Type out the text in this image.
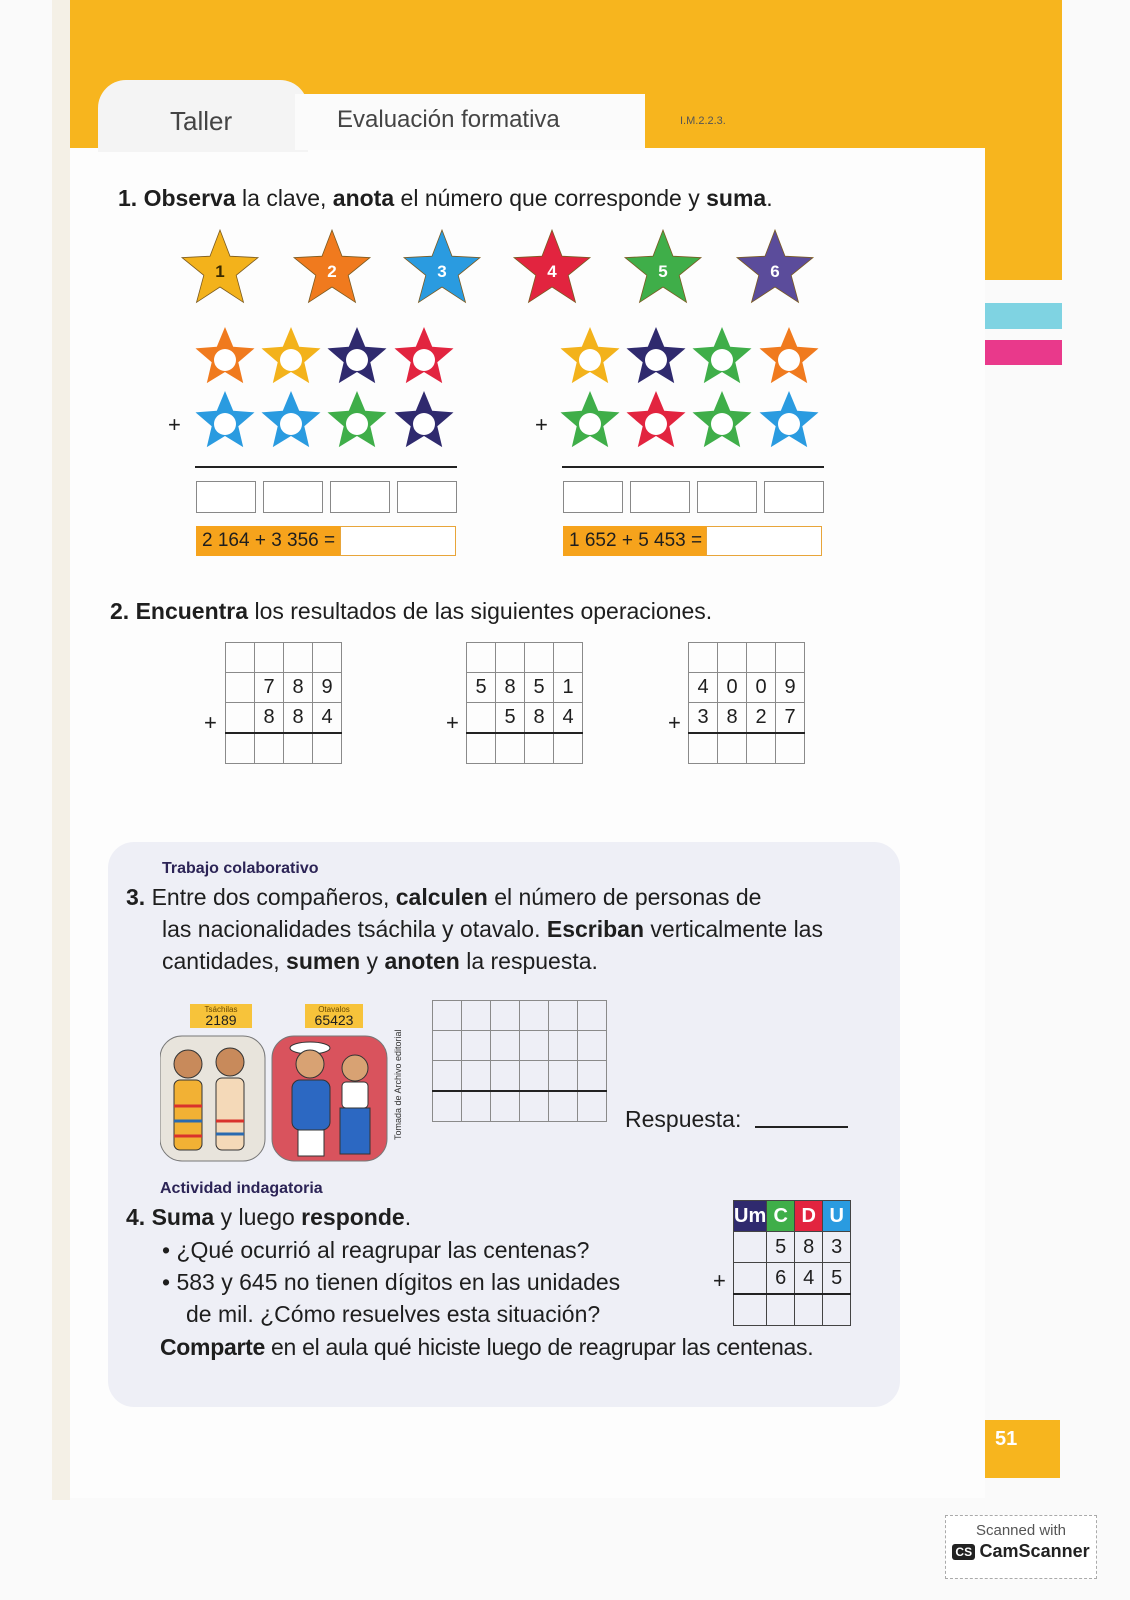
Taller	Evaluación formativa	I.M.2.2.3.
1. Observa la clave, anota el número que corresponde y suma.
1	2	3	4	5	6
+	+
2 164 + 3 356 =	1 652 + 5 453 =
2. Encuentra los resultados de las siguientes operaciones.

	7	8	9
	8	8	4

+

5	8	5	1
	5	8	4

+

4	0	0	9
3	8	2	7

+
Trabajo colaborativo
3. Entre dos compañeros, calculen el número de personas de
las nacionalidades tsáchila y otavalo. Escriban verticalmente las
cantidades, sumen y anoten la respuesta.
Tsáchilas
2189
Otavalos
65423
Tomada de Archivo editorial

						Respuesta:
Actividad indagatoria
4. Suma y luego responde.
• ¿Qué ocurrió al reagrupar las centenas?
• 583 y 645 no tienen dígitos en las unidades
de mil. ¿Cómo resuelves esta situación?
Comparte en el aula qué hiciste luego de reagrupar las centenas.
Um	C	D	U
	5	8	3
	6	4	5

+
51
Scanned with
CS CamScanner
